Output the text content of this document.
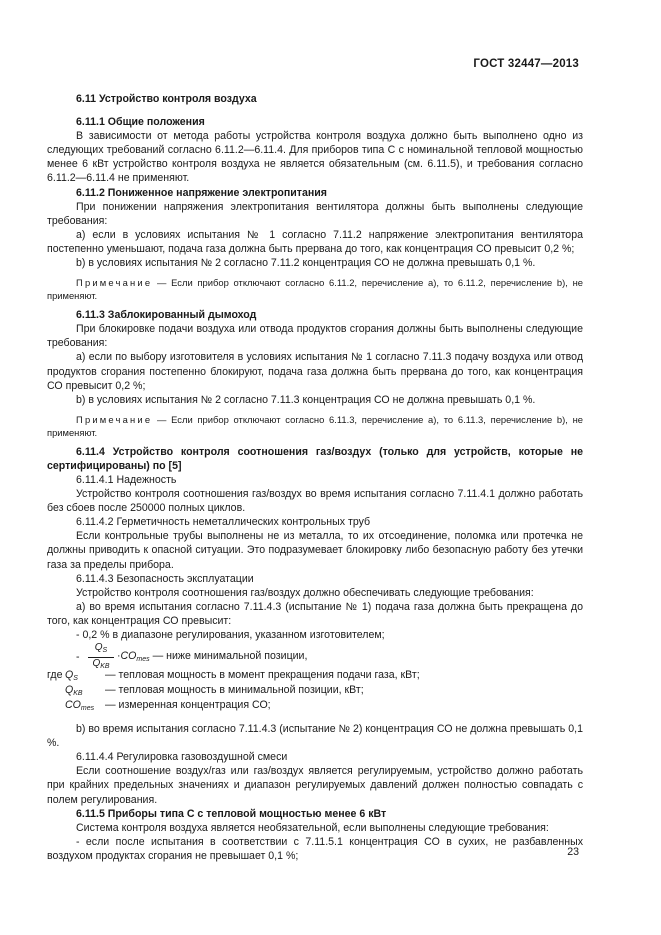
ГОСТ 32447—2013

6.11 Устройство контроля воздуха

6.11.1 Общие положения

В зависимости от метода работы устройства контроля воздуха должно быть выполнено одно из следующих требований согласно 6.11.2—6.11.4. Для приборов типа С с номинальной тепловой мощностью менее 6 кВт устройство контроля воздуха не является обязательным (см. 6.11.5), и требования согласно 6.11.2—6.11.4 не применяют.

6.11.2 Пониженное напряжение электропитания

При понижении напряжения электропитания вентилятора должны быть выполнены следующие требования:

а) если в условиях испытания № 1 согласно 7.11.2 напряжение электропитания вентилятора постепенно уменьшают, подача газа должна быть прервана до того, как концентрация СО превысит 0,2 %;

b) в условиях испытания № 2 согласно 7.11.2 концентрация СО не должна превышать 0,1 %.

Примечание — Если прибор отключают согласно 6.11.2, перечисление а), то 6.11.2, перечисление b), не применяют.

6.11.3 Заблокированный дымоход

При блокировке подачи воздуха или отвода продуктов сгорания должны быть выполнены следующие требования:

а) если по выбору изготовителя в условиях испытания № 1 согласно 7.11.3 подачу воздуха или отвод продуктов сгорания постепенно блокируют, подача газа должна быть прервана до того, как концентрация СО превысит 0,2 %;

b) в условиях испытания № 2 согласно 7.11.3 концентрация СО не должна превышать 0,1 %.

Примечание — Если прибор отключают согласно 6.11.3, перечисление а), то 6.11.3, перечисление b), не применяют.

6.11.4 Устройство контроля соотношения газ/воздух (только для устройств, которые не сертифицированы) по [5]

6.11.4.1 Надежность

Устройство контроля соотношения газ/воздух во время испытания согласно 7.11.4.1 должно работать без сбоев после 250000 полных циклов.

6.11.4.2 Герметичность неметаллических контрольных труб

Если контрольные трубы выполнены не из металла, то их отсоединение, поломка или протечка не должны приводить к опасной ситуации. Это подразумевает блокировку либо безопасную работу без утечки газа за пределы прибора.

6.11.4.3 Безопасность эксплуатации

Устройство контроля соотношения газ/воздух должно обеспечивать следующие требования:

а) во время испытания согласно 7.11.4.3 (испытание № 1) подача газа должна быть прекращена до того, как концентрация СО превысит:

- 0,2 % в диапазоне регулирования, указанном изготовителем;

-
$Q_S$
$Q_{KB}$
$\cdot CO_{mes}$ — ниже минимальной позиции,
где $Q_S$	— тепловая мощность в момент прекращения подачи газа, кВт;
$Q_{KB}$ — тепловая мощность в минимальной позиции, кВт;
$CO_{mes}$ — измеренная концентрация СО;

b) во время испытания согласно 7.11.4.3 (испытание № 2) концентрация СО не должна превышать 0,1 %.

6.11.4.4 Регулировка газовоздушной смеси

Если соотношение воздух/газ или газ/воздух является регулируемым, устройство должно работать при крайних предельных значениях и диапазон регулируемых давлений должен полностью совпадать с полем регулирования.

6.11.5 Приборы типа С с тепловой мощностью менее 6 кВт

Система контроля воздуха является необязательной, если выполнены следующие требования:

- если после испытания в соответствии с 7.11.5.1 концентрация СО в сухих, не разбавленных воздухом продуктах сгорания не превышает 0,1 %;	23
